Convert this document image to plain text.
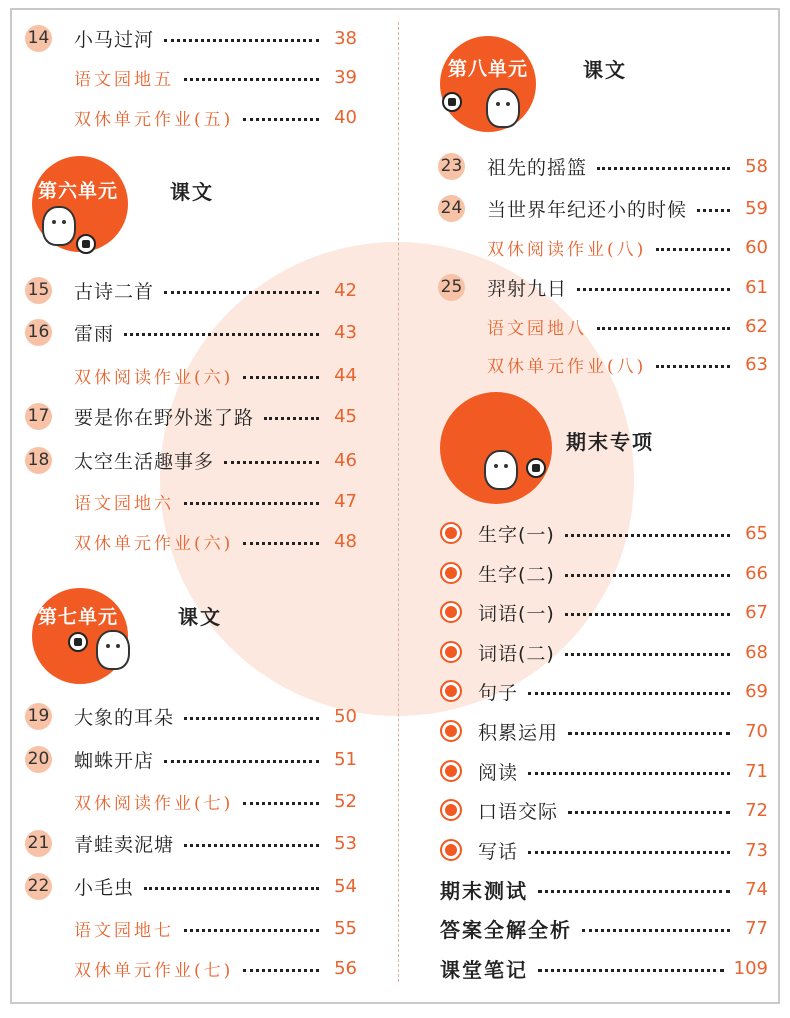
14 小马过河	38
语文园地五	39
双休单元作业(五)	40
第六单元	课文
15 古诗二首	42
16 雷雨	43
双休阅读作业(六)	44
17 要是你在野外迷了路	45
18 太空生活趣事多	46
语文园地六	47
双休单元作业(六)	48
第七单元	课文
19 大象的耳朵	50
20 蜘蛛开店	51
双休阅读作业(七)	52
21 青蛙卖泥塘	53
22 小毛虫	54
语文园地七	55
双休单元作业(七)	56
第八单元	课文
23 祖先的摇篮	58
24 当世界年纪还小的时候	59
双休阅读作业(八)	60
25 羿射九日	61
语文园地八	62
双休单元作业(八)	63
期末专项
生字(一)	65
生字(二)	66
词语(一)	67
词语(二)	68
句子	69
积累运用	70
阅读	71
口语交际	72
写话	73
期末测试	74
答案全解全析	77
课堂笔记	109
